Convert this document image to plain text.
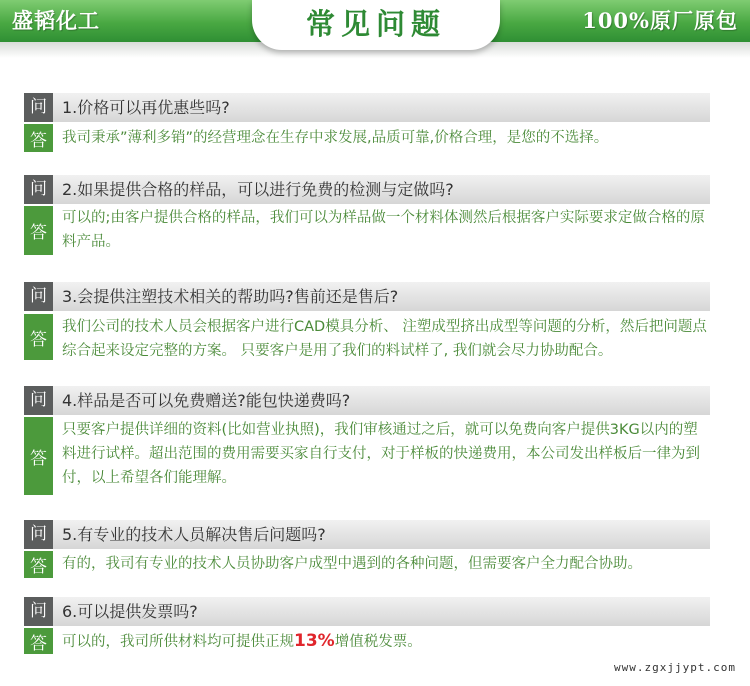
盛韬化工	100%原厂原包
常见问题
问 1.价格可以再优惠些吗?
答	我司秉承”薄利多销”的经营理念在生存中求发展,品质可靠,价格合理，是您的不选择。
问 2.如果提供合格的样品，可以进行免费的检测与定做吗?
答
可以的;由客户提供合格的样品，我们可以为样品做一个材料体测然后根据客户实际要求定做合格的原料产品。
问 3.会提供注塑技术相关的帮助吗?售前还是售后?
答
我们公司的技术人员会根据客户进行CAD模具分析、 注塑成型挤出成型等问题的分析，然后把问题点综合起来设定完整的方案。 只要客户是用了我们的料试样了, 我们就会尽力协助配合。
问 4.样品是否可以免费赠送?能包快递费吗?
答
只要客户提供详细的资料(比如营业执照)，我们审核通过之后，就可以免费向客户提供3KG以内的塑料进行试样。超出范围的费用需要买家自行支付，对于样板的快递费用，本公司发出样板后一律为到付，以上希望各们能理解。
问 5.有专业的技术人员解决售后问题吗?
答	有的，我司有专业的技术人员协助客户成型中遇到的各种问题，但需要客户全力配合协助。
问 6.可以提供发票吗?
答	可以的，我司所供材料均可提供正规13%增值税发票。
www.zgxjjypt.com
